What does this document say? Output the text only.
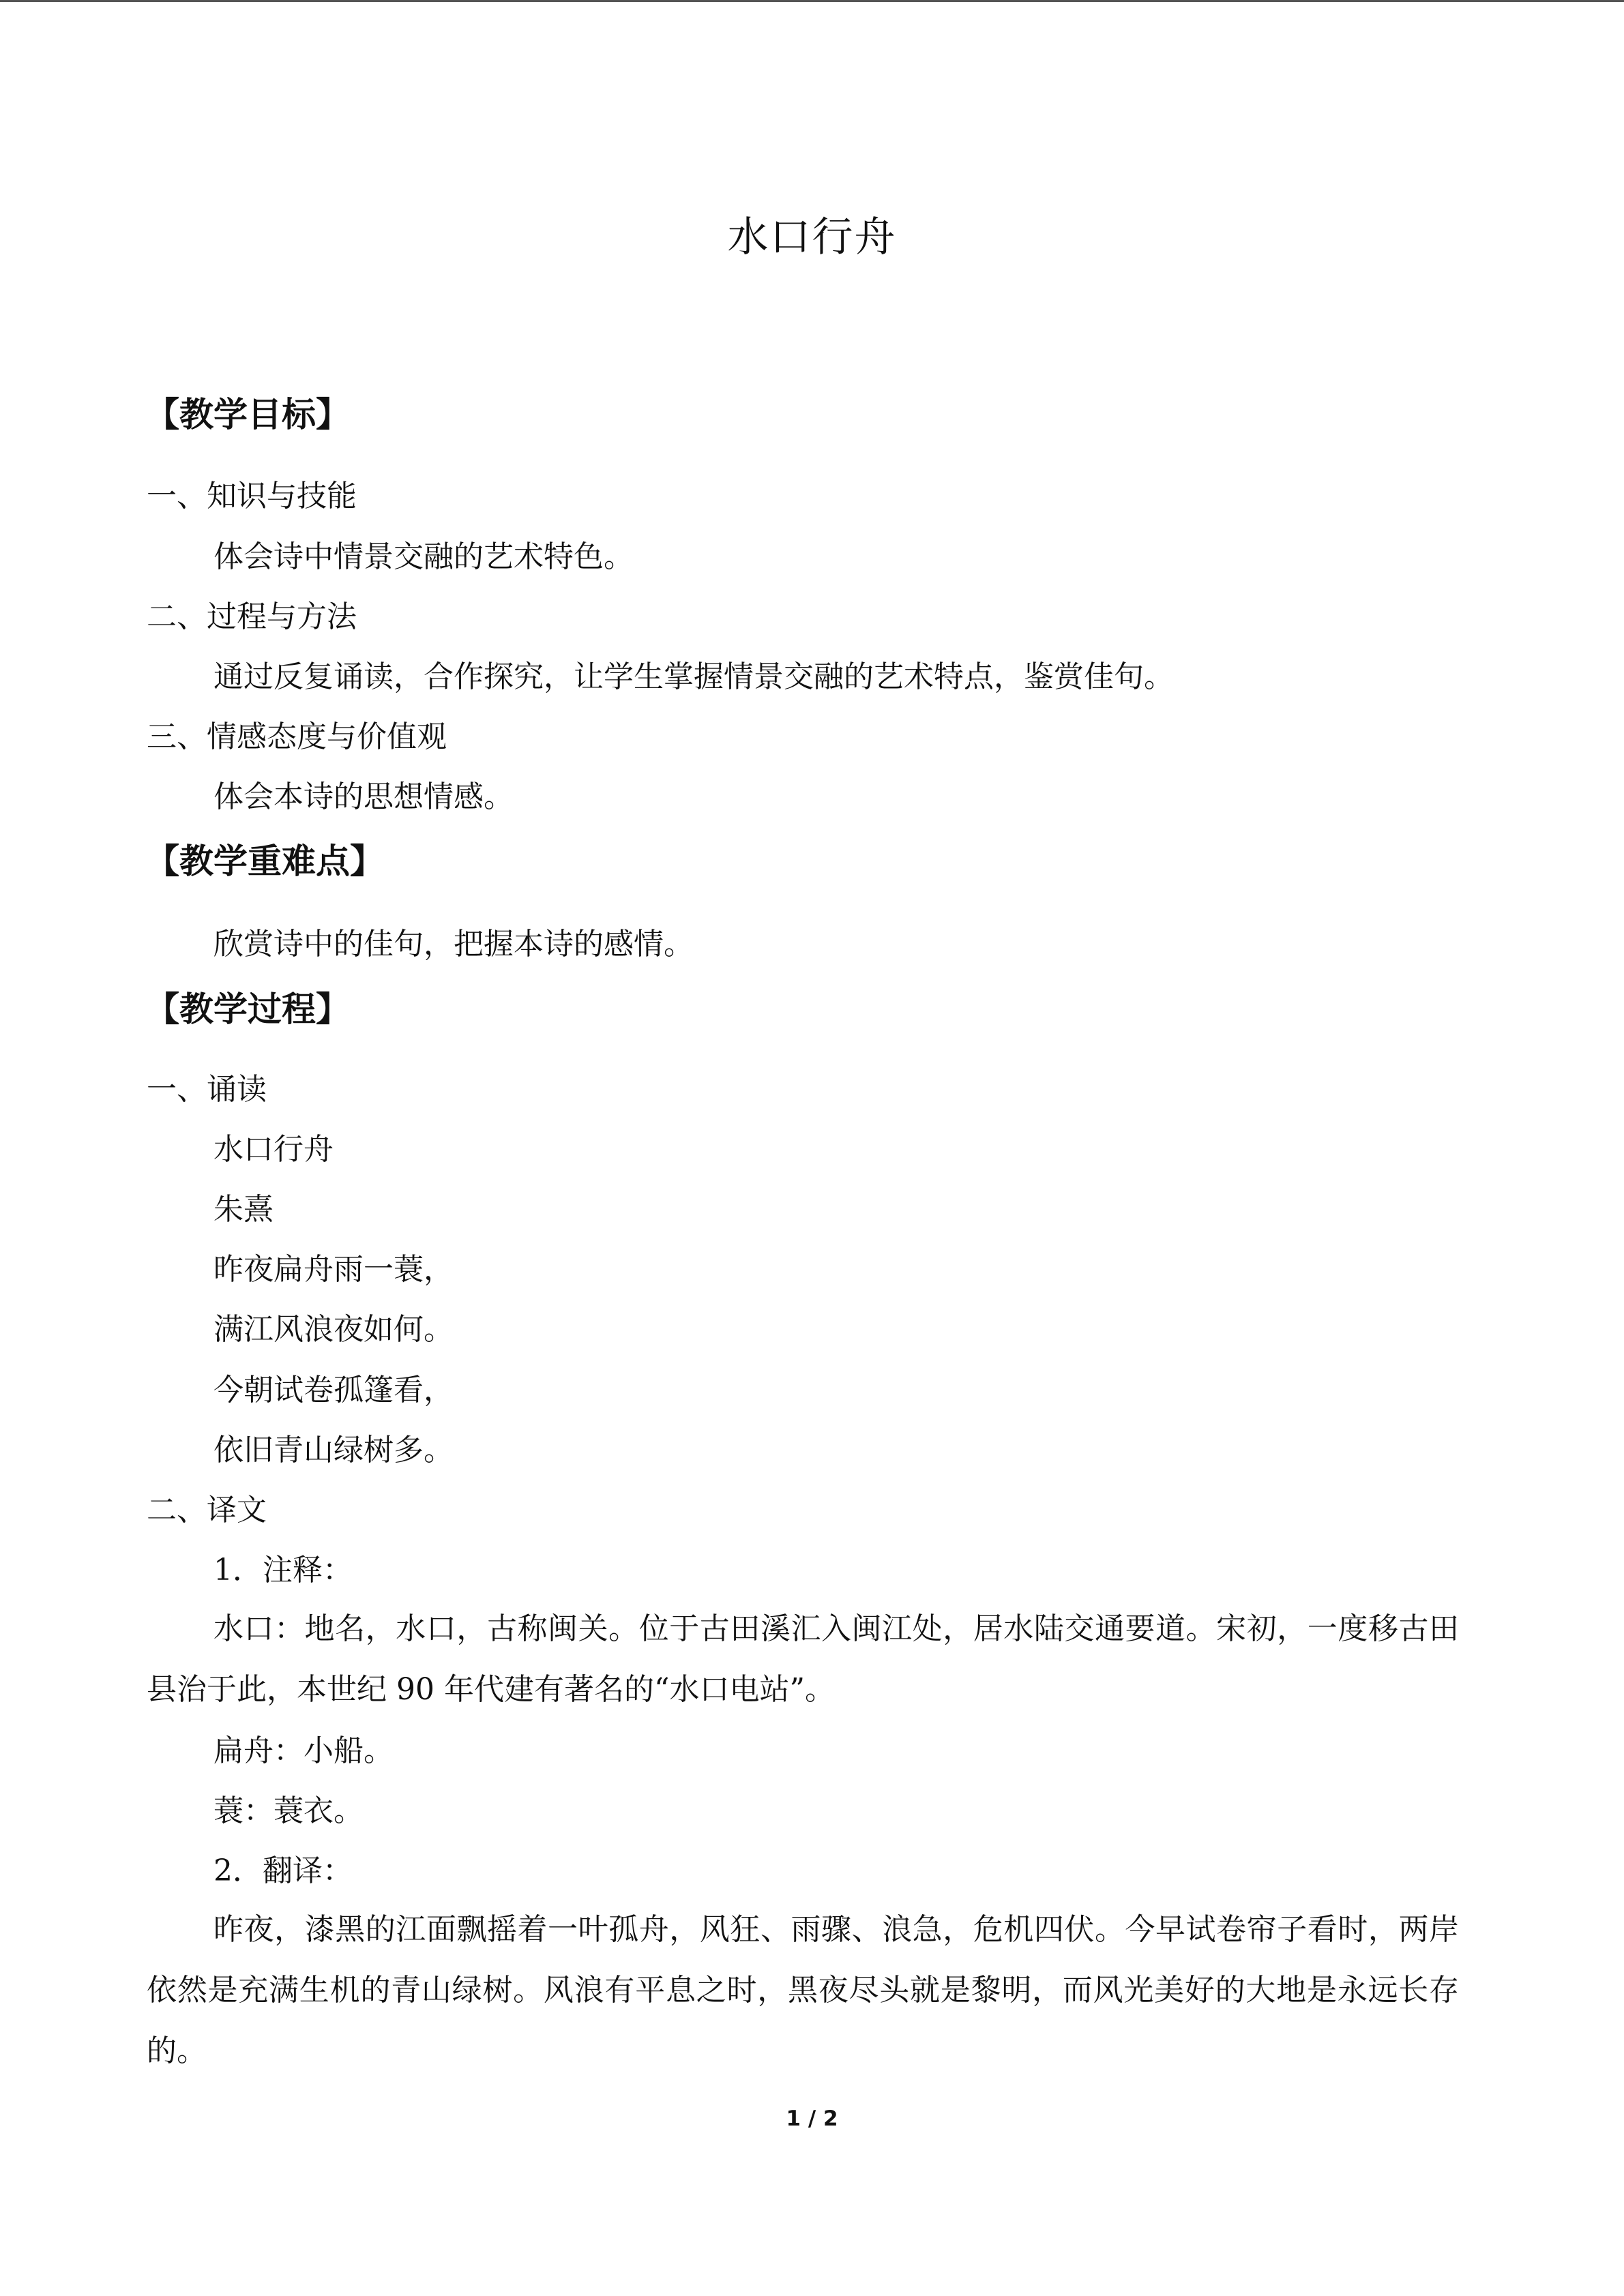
水口行舟
【教学目标】
一、知识与技能
体会诗中情景交融的艺术特色。
二、过程与方法
通过反复诵读，合作探究，让学生掌握情景交融的艺术特点，鉴赏佳句。
三、情感态度与价值观
体会本诗的思想情感。
【教学重难点】
欣赏诗中的佳句，把握本诗的感情。
【教学过程】
一、诵读
水口行舟
朱熹
昨夜扁舟雨一蓑，
满江风浪夜如何。
今朝试卷孤篷看，
依旧青山绿树多。
二、译文
1．注释：
水口：地名，水口，古称闽关。位于古田溪汇入闽江处，居水陆交通要道。宋初，一度移古田县治于此，本世纪 90 年代建有著名的“水口电站”。
扁舟：小船。
蓑：蓑衣。
2．翻译：
昨夜，漆黑的江面飘摇着一叶孤舟，风狂、雨骤、浪急，危机四伏。今早试卷帘子看时，两岸依然是充满生机的青山绿树。风浪有平息之时，黑夜尽头就是黎明，而风光美好的大地是永远长存的。
1 / 2
